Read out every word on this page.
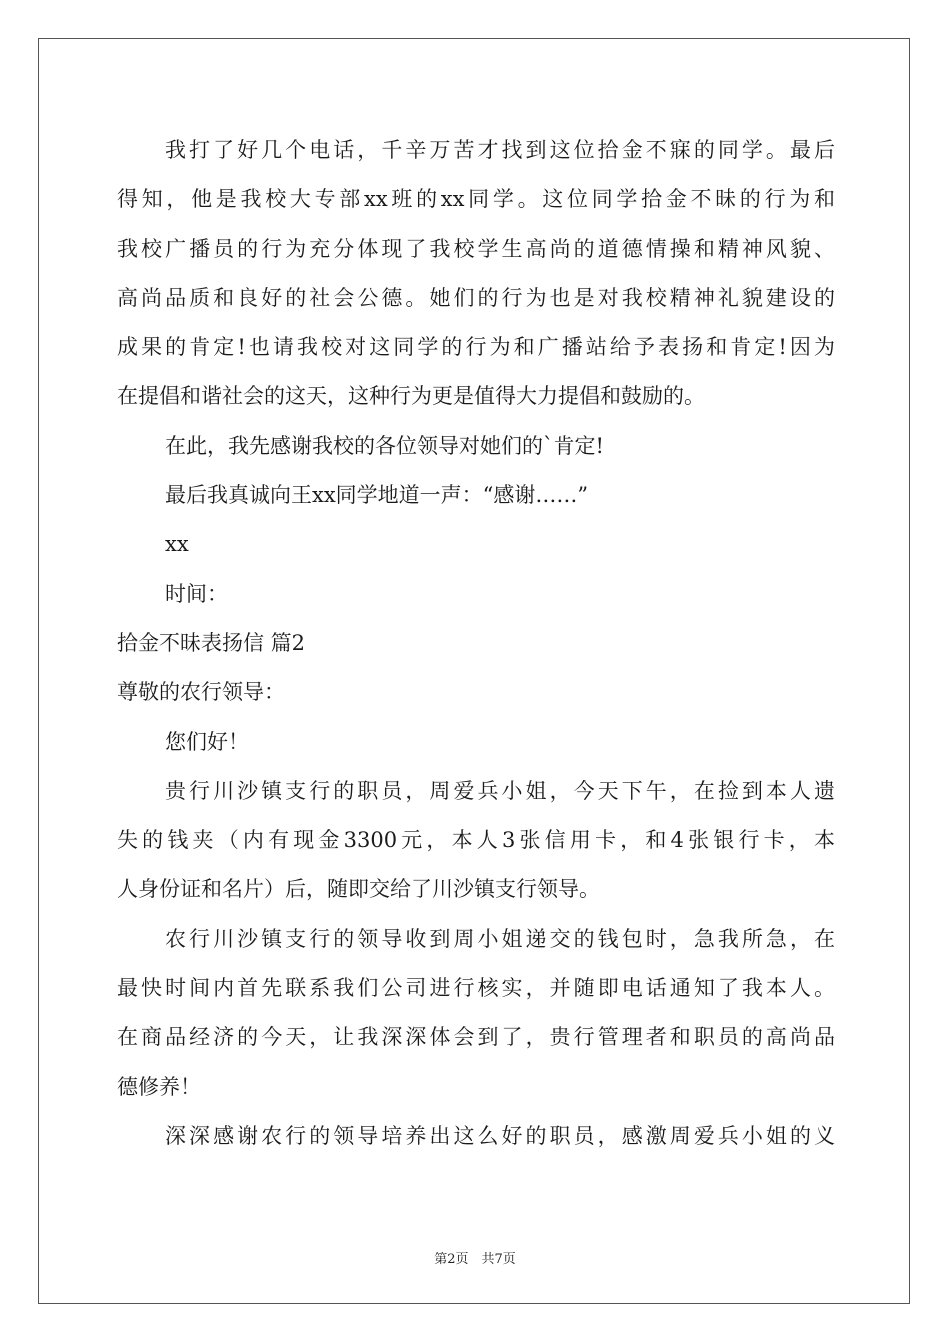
我打了好几个电话，千辛万苦才找到这位拾金不寐的同学。最后
得知，他是我校大专部xx班的xx同学。这位同学拾金不昧的行为和
我校广播员的行为充分体现了我校学生高尚的道德情操和精神风貌、
高尚品质和良好的社会公德。她们的行为也是对我校精神礼貌建设的
成果的肯定!也请我校对这同学的行为和广播站给予表扬和肯定!因为
在提倡和谐社会的这天，这种行为更是值得大力提倡和鼓励的。
在此，我先感谢我校的各位领导对她们的`肯定!
最后我真诚向王xx同学地道一声：“感谢……”
xx
时间：
拾金不昧表扬信 篇2
尊敬的农行领导：
您们好！
贵行川沙镇支行的职员，周爱兵小姐，今天下午，在捡到本人遗
失的钱夹（内有现金3300元，本人3张信用卡，和4张银行卡，本
人身份证和名片）后，随即交给了川沙镇支行领导。
农行川沙镇支行的领导收到周小姐递交的钱包时，急我所急，在
最快时间内首先联系我们公司进行核实，并随即电话通知了我本人。
在商品经济的今天，让我深深体会到了，贵行管理者和职员的高尚品
德修养！
深深感谢农行的领导培养出这么好的职员，感激周爱兵小姐的义
第2页　共7页
